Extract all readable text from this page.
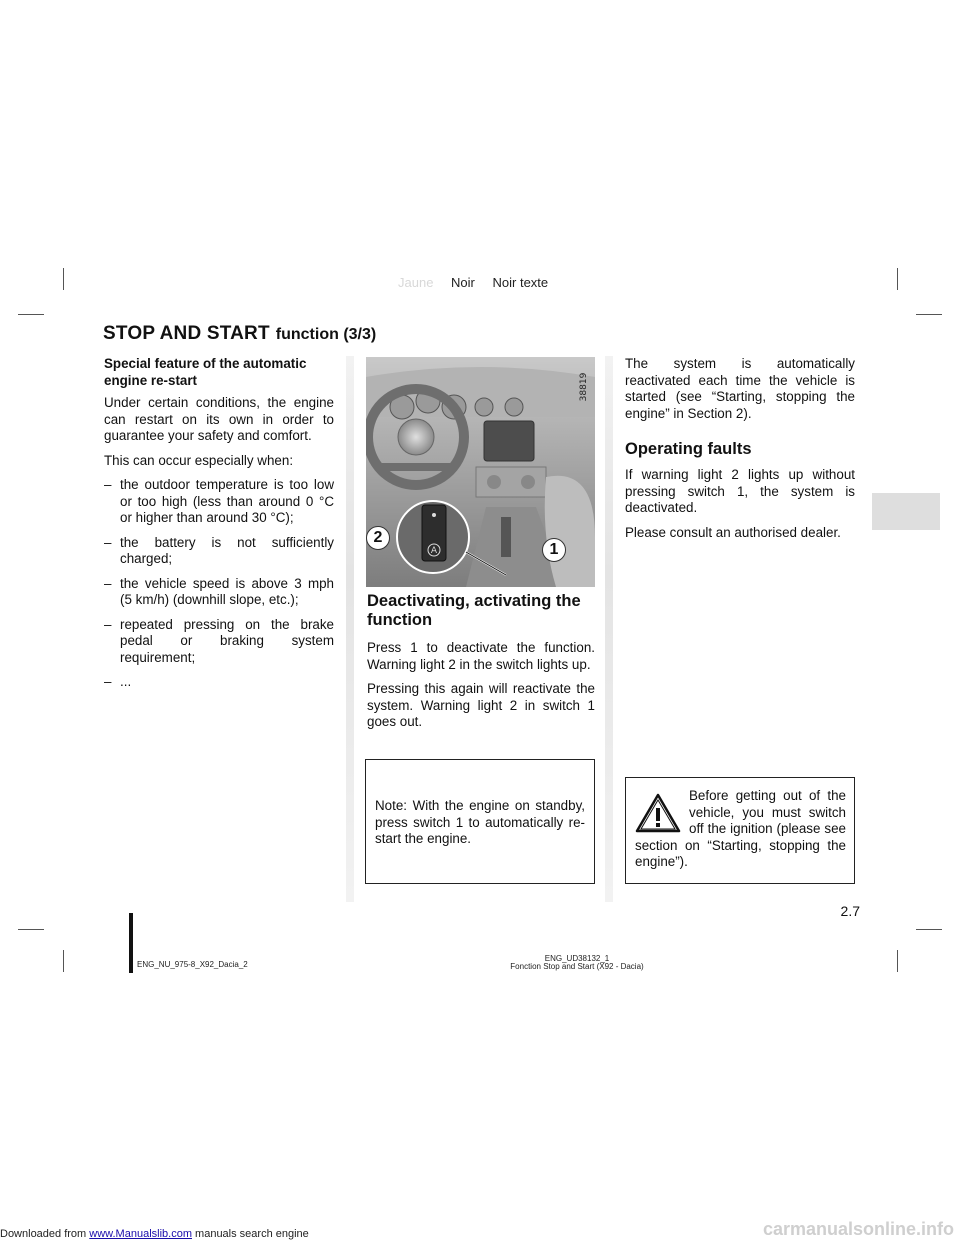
Jaune Noir Noir texte
STOP AND START function (3/3)

Special feature of the automatic engine re-start

Under certain conditions, the engine can restart on its own in order to guarantee your safety and comfort.

This can occur especially when:

– the outdoor temperature is too low or too high (less than around 0 °C or higher than around 30 °C);
– the battery is not sufficiently charged;
– the vehicle speed is above 3 mph (5 km/h) (downhill slope, etc.);
– repeated pressing on the brake pedal or braking system requirement;
– ...
A
38819
2
1
Deactivating, activating the function

Press 1 to deactivate the function. Warning light 2 in the switch lights up.

Pressing this again will reactivate the system. Warning light 2 in switch 1 goes out.

Note: With the engine on standby, press switch 1 to automatically re-start the engine.

The system is automatically reactivated each time the vehicle is started (see “Starting, stopping the engine” in Section 2).

Operating faults

If warning light 2 lights up without pressing switch 1, the system is deactivated.

Please consult an authorised dealer.

Before getting out of the vehicle, you must switch off the ignition (please see section on “Starting, stopping the engine”).

2.7
ENG_NU_975-8_X92_Dacia_2
ENG_UD38132_1
Fonction Stop and Start (X92 - Dacia)
Downloaded from www.Manualslib.com manuals search engine	carmanualsonline.info
